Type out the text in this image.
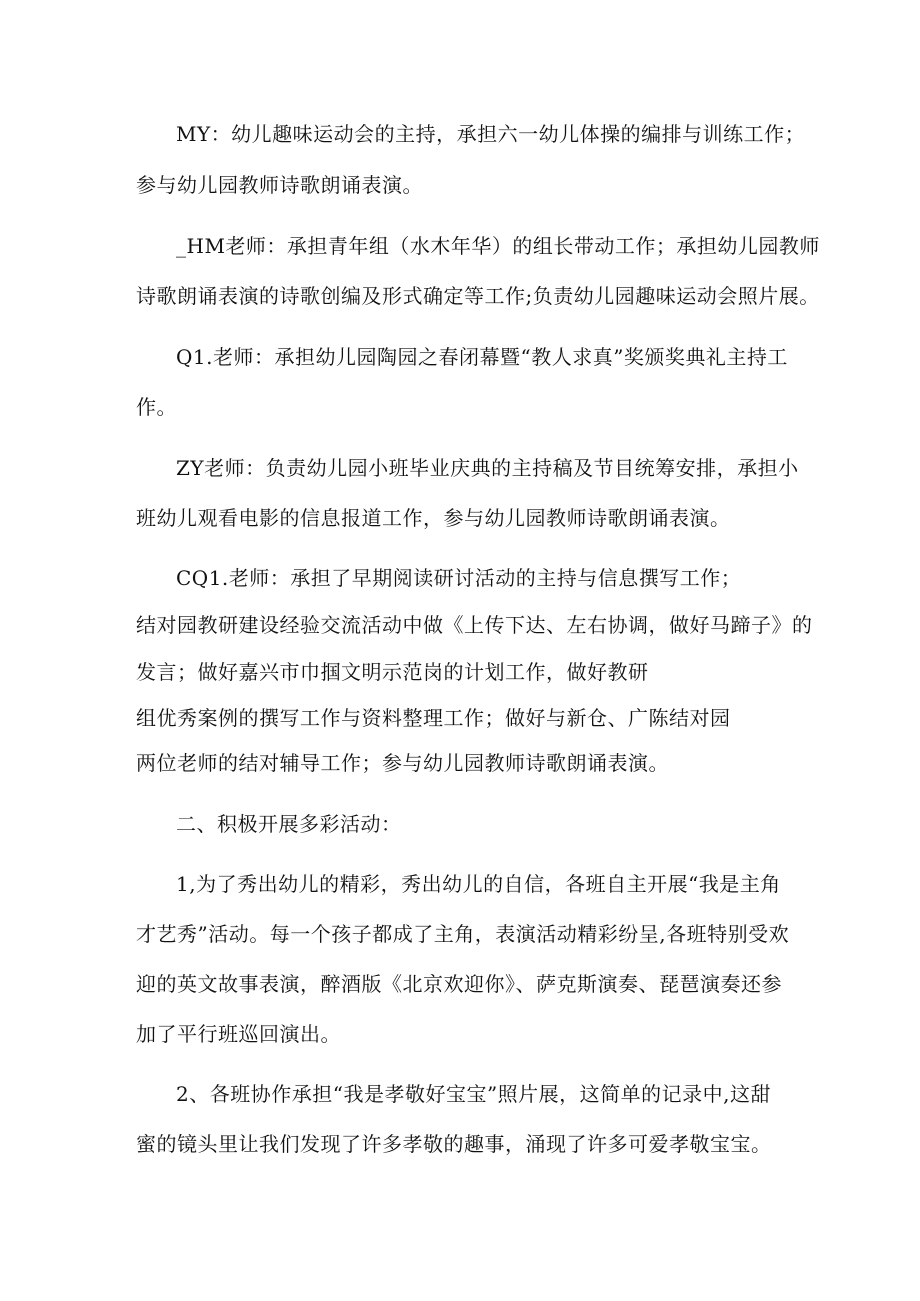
MY：幼儿趣味运动会的主持，承担六一幼儿体操的编排与训练工作；
参与幼儿园教师诗歌朗诵表演。
_HM老师：承担青年组（水木年华）的组长带动工作；承担幼儿园教师
诗歌朗诵表演的诗歌创编及形式确定等工作;负责幼儿园趣味运动会照片展。
Q1.老师：承担幼儿园陶园之春闭幕暨“教人求真”奖颁奖典礼主持工
作。
ZY老师：负责幼儿园小班毕业庆典的主持稿及节目统筹安排，承担小
班幼儿观看电影的信息报道工作，参与幼儿园教师诗歌朗诵表演。
CQ1.老师：承担了早期阅读研讨活动的主持与信息撰写工作；
结对园教研建设经验交流活动中做《上传下达、左右协调，做好马蹄子》的
发言；做好嘉兴市巾掴文明示范岗的计划工作，做好教研
组优秀案例的撰写工作与资料整理工作；做好与新仓、广陈结对园
两位老师的结对辅导工作；参与幼儿园教师诗歌朗诵表演。
二、积极开展多彩活动：
1,为了秀出幼儿的精彩，秀出幼儿的自信，各班自主开展“我是主角
才艺秀”活动。每一个孩子都成了主角，表演活动精彩纷呈,各班特别受欢
迎的英文故事表演，醉酒版《北京欢迎你》、萨克斯演奏、琵琶演奏还参
加了平行班巡回演出。
2、各班协作承担“我是孝敬好宝宝”照片展，这简单的记录中,这甜
蜜的镜头里让我们发现了许多孝敬的趣事，涌现了许多可爱孝敬宝宝。
